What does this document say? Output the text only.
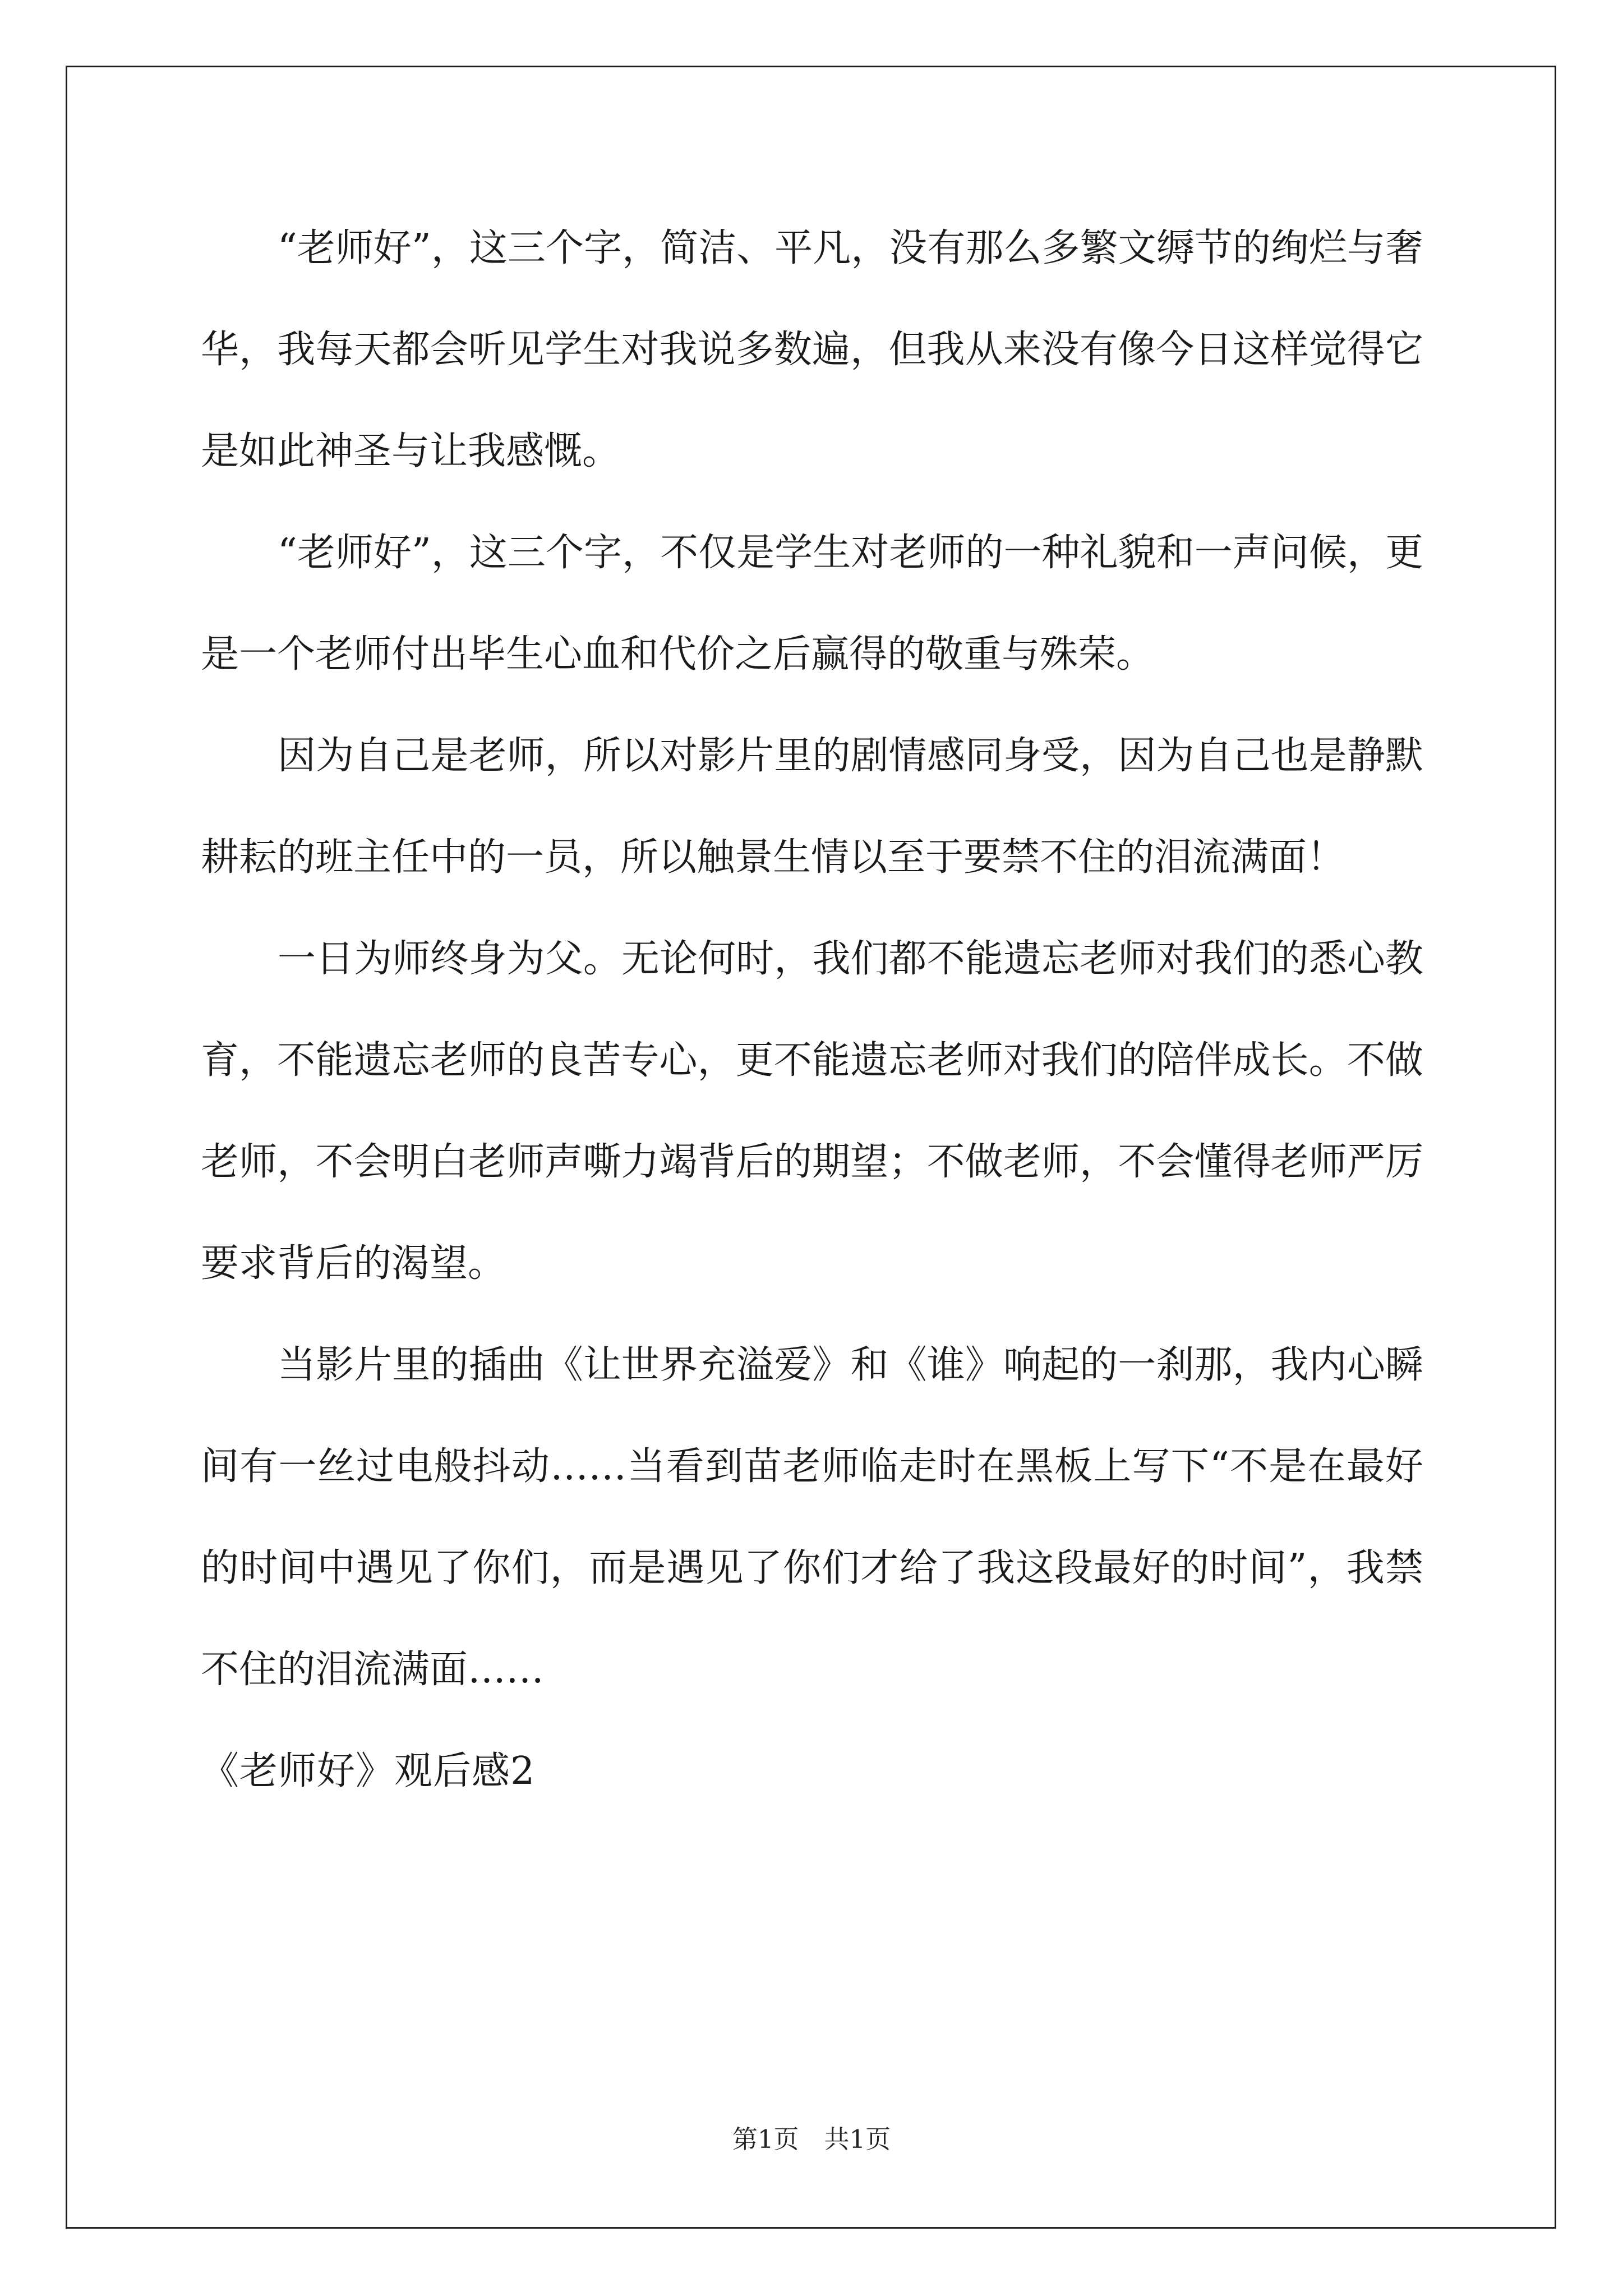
“老师好”，这三个字，简洁、平凡，没有那么多繁文缛节的绚烂与奢华，我每天都会听见学生对我说多数遍，但我从来没有像今日这样觉得它是如此神圣与让我感慨。

“老师好”，这三个字，不仅是学生对老师的一种礼貌和一声问候，更是一个老师付出毕生心血和代价之后赢得的敬重与殊荣。

因为自己是老师，所以对影片里的剧情感同身受，因为自己也是静默耕耘的班主任中的一员，所以触景生情以至于要禁不住的泪流满面！

一日为师终身为父。无论何时，我们都不能遗忘老师对我们的悉心教育，不能遗忘老师的良苦专心，更不能遗忘老师对我们的陪伴成长。不做老师，不会明白老师声嘶力竭背后的期望；不做老师，不会懂得老师严厉要求背后的渴望。

当影片里的插曲《让世界充溢爱》和《谁》响起的一刹那，我内心瞬间有一丝过电般抖动……当看到苗老师临走时在黑板上写下“不是在最好的时间中遇见了你们，而是遇见了你们才给了我这段最好的时间”，我禁不住的泪流满面……

《老师好》观后感2

第1页　共1页
